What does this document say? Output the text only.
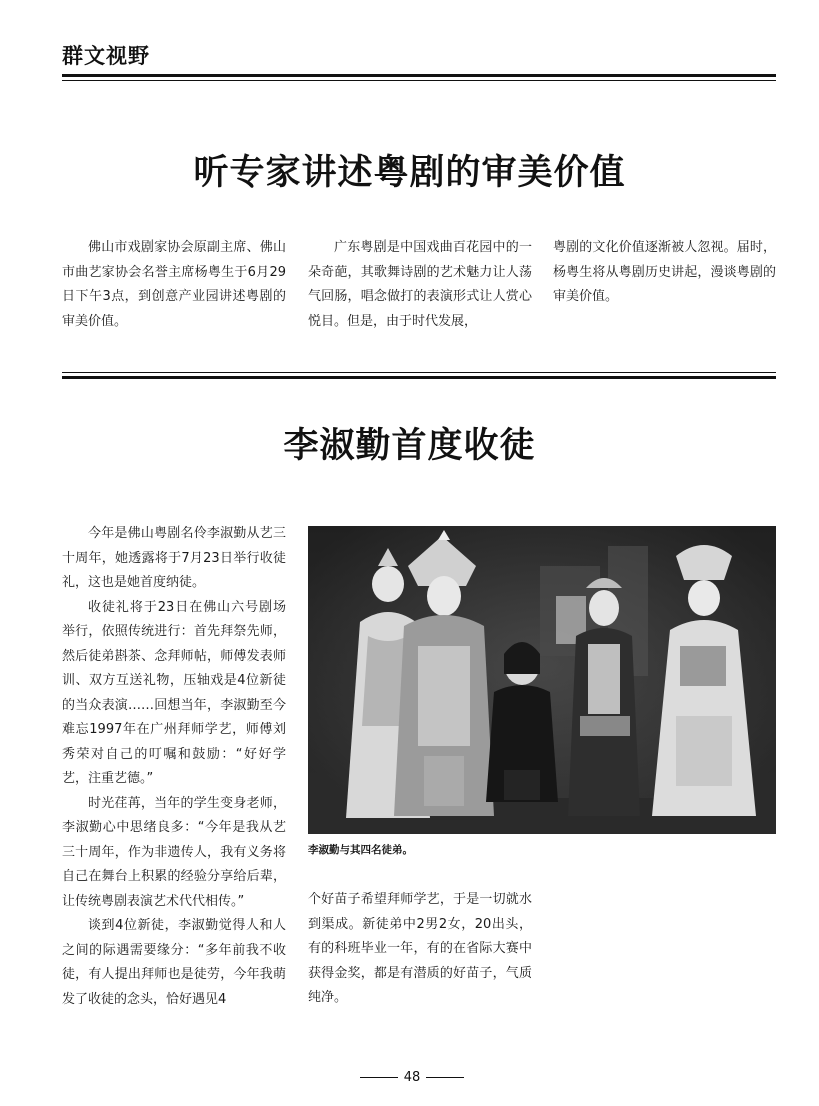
群文视野
听专家讲述粤剧的审美价值

佛山市戏剧家协会原副主席、佛山市曲艺家协会名誉主席杨粤生于6月29日下午3点，到创意产业园讲述粤剧的审美价值。

广东粤剧是中国戏曲百花园中的一朵奇葩，其歌舞诗剧的艺术魅力让人荡气回肠，唱念做打的表演形式让人赏心悦目。但是，由于时代发展，

粤剧的文化价值逐渐被人忽视。届时，杨粤生将从粤剧历史讲起，漫谈粤剧的审美价值。

李淑勤首度收徒

今年是佛山粤剧名伶李淑勤从艺三十周年，她透露将于7月23日举行收徒礼，这也是她首度纳徒。

收徒礼将于23日在佛山六号剧场举行，依照传统进行：首先拜祭先师，然后徒弟斟茶、念拜师帖，师傅发表师训、双方互送礼物，压轴戏是4位新徒的当众表演……回想当年，李淑勤至今难忘1997年在广州拜师学艺，师傅刘秀荣对自己的叮嘱和鼓励：“好好学艺，注重艺德。”

时光荏苒，当年的学生变身老师，李淑勤心中思绪良多：“今年是我从艺三十周年，作为非遗传人，我有义务将自己在舞台上积累的经验分享给后辈，让传统粤剧表演艺术代代相传。”

谈到4位新徒，李淑勤觉得人和人之间的际遇需要缘分：“多年前我不收徒，有人提出拜师也是徒劳，今年我萌发了收徒的念头，恰好遇见4

李淑勤与其四名徒弟。

个好苗子希望拜师学艺，于是一切就水到渠成。新徒弟中2男2女，20出头，有的科班毕业一年，有的在省际大赛中获得金奖，都是有潜质的好苗子，气质纯净。

48
